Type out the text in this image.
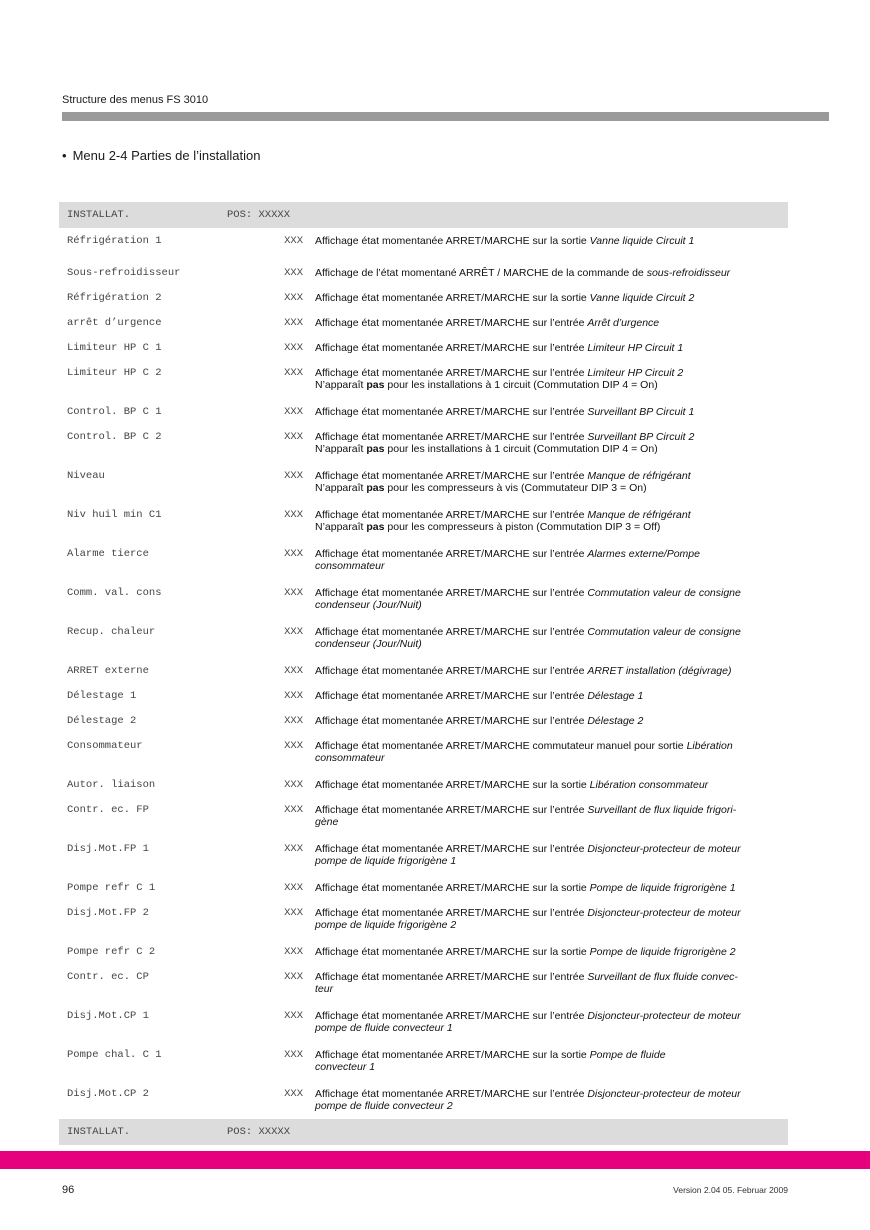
Structure des menus FS 3010
• Menu 2-4 Parties de l’installation
INSTALLAT.	POS: XXXXX
Réfrigération 1	XXX Affichage état momentanée ARRET/MARCHE sur la sortie Vanne liquide Circuit 1
Sous-refroidisseur	XXX Affichage de l’état momentané ARRÊT / MARCHE de la commande de sous-refroidisseur
Réfrigération 2	XXX Affichage état momentanée ARRET/MARCHE sur la sortie Vanne liquide Circuit 2
arrêt d’urgence	XXX Affichage état momentanée ARRET/MARCHE sur l’entrée Arrêt d’urgence
Limiteur HP C 1	XXX Affichage état momentanée ARRET/MARCHE sur l’entrée Limiteur HP Circuit 1
Limiteur HP C 2	XXX Affichage état momentanée ARRET/MARCHE sur l’entrée Limiteur HP Circuit 2
N’apparaît pas pour les installations à 1 circuit (Commutation DIP 4 = On)
Control. BP C 1	XXX Affichage état momentanée ARRET/MARCHE sur l’entrée Surveillant BP Circuit 1
Control. BP C 2	XXX Affichage état momentanée ARRET/MARCHE sur l’entrée Surveillant BP Circuit 2
N’apparaît pas pour les installations à 1 circuit (Commutation DIP 4 = On)
Niveau	XXX Affichage état momentanée ARRET/MARCHE sur l’entrée Manque de réfrigérant
N’apparaît pas pour les compresseurs à vis (Commutateur DIP 3 = On)
Niv huil min C1	XXX Affichage état momentanée ARRET/MARCHE sur l’entrée Manque de réfrigérant
N’apparaît pas pour les compresseurs à piston (Commutation DIP 3 = Off)
Alarme tierce	XXX Affichage état momentanée ARRET/MARCHE sur l’entrée Alarmes externe/Pompe
consommateur
Comm. val. cons	XXX Affichage état momentanée ARRET/MARCHE sur l’entrée Commutation valeur de consigne
condenseur (Jour/Nuit)
Recup. chaleur	XXX Affichage état momentanée ARRET/MARCHE sur l’entrée Commutation valeur de consigne
condenseur (Jour/Nuit)
ARRET externe	XXX Affichage état momentanée ARRET/MARCHE sur l’entrée ARRET installation (dégivrage)
Délestage 1	XXX Affichage état momentanée ARRET/MARCHE sur l’entrée Délestage 1
Délestage 2	XXX Affichage état momentanée ARRET/MARCHE sur l’entrée Délestage 2
Consommateur	XXX Affichage état momentanée ARRET/MARCHE commutateur manuel pour sortie Libération
consommateur
Autor. liaison	XXX Affichage état momentanée ARRET/MARCHE sur la sortie Libération consommateur
Contr. ec. FP	XXX Affichage état momentanée ARRET/MARCHE sur l’entrée Surveillant de flux liquide frigori-
gène
Disj.Mot.FP 1	XXX Affichage état momentanée ARRET/MARCHE sur l’entrée Disjoncteur-protecteur de moteur
pompe de liquide frigorigène 1
Pompe refr C 1	XXX Affichage état momentanée ARRET/MARCHE sur la sortie Pompe de liquide frigrorigène 1
Disj.Mot.FP 2	XXX Affichage état momentanée ARRET/MARCHE sur l’entrée Disjoncteur-protecteur de moteur
pompe de liquide frigorigène 2
Pompe refr C 2	XXX Affichage état momentanée ARRET/MARCHE sur la sortie Pompe de liquide frigrorigène 2
Contr. ec. CP	XXX Affichage état momentanée ARRET/MARCHE sur l’entrée Surveillant de flux fluide convec-
teur
Disj.Mot.CP 1	XXX Affichage état momentanée ARRET/MARCHE sur l’entrée Disjoncteur-protecteur de moteur
pompe de fluide convecteur 1
Pompe chal. C 1	XXX Affichage état momentanée ARRET/MARCHE sur la sortie Pompe de fluide
convecteur 1
Disj.Mot.CP 2	XXX Affichage état momentanée ARRET/MARCHE sur l’entrée Disjoncteur-protecteur de moteur
pompe de fluide convecteur 2
INSTALLAT.	POS: XXXXX
96	Version 2.04 05. Februar 2009
